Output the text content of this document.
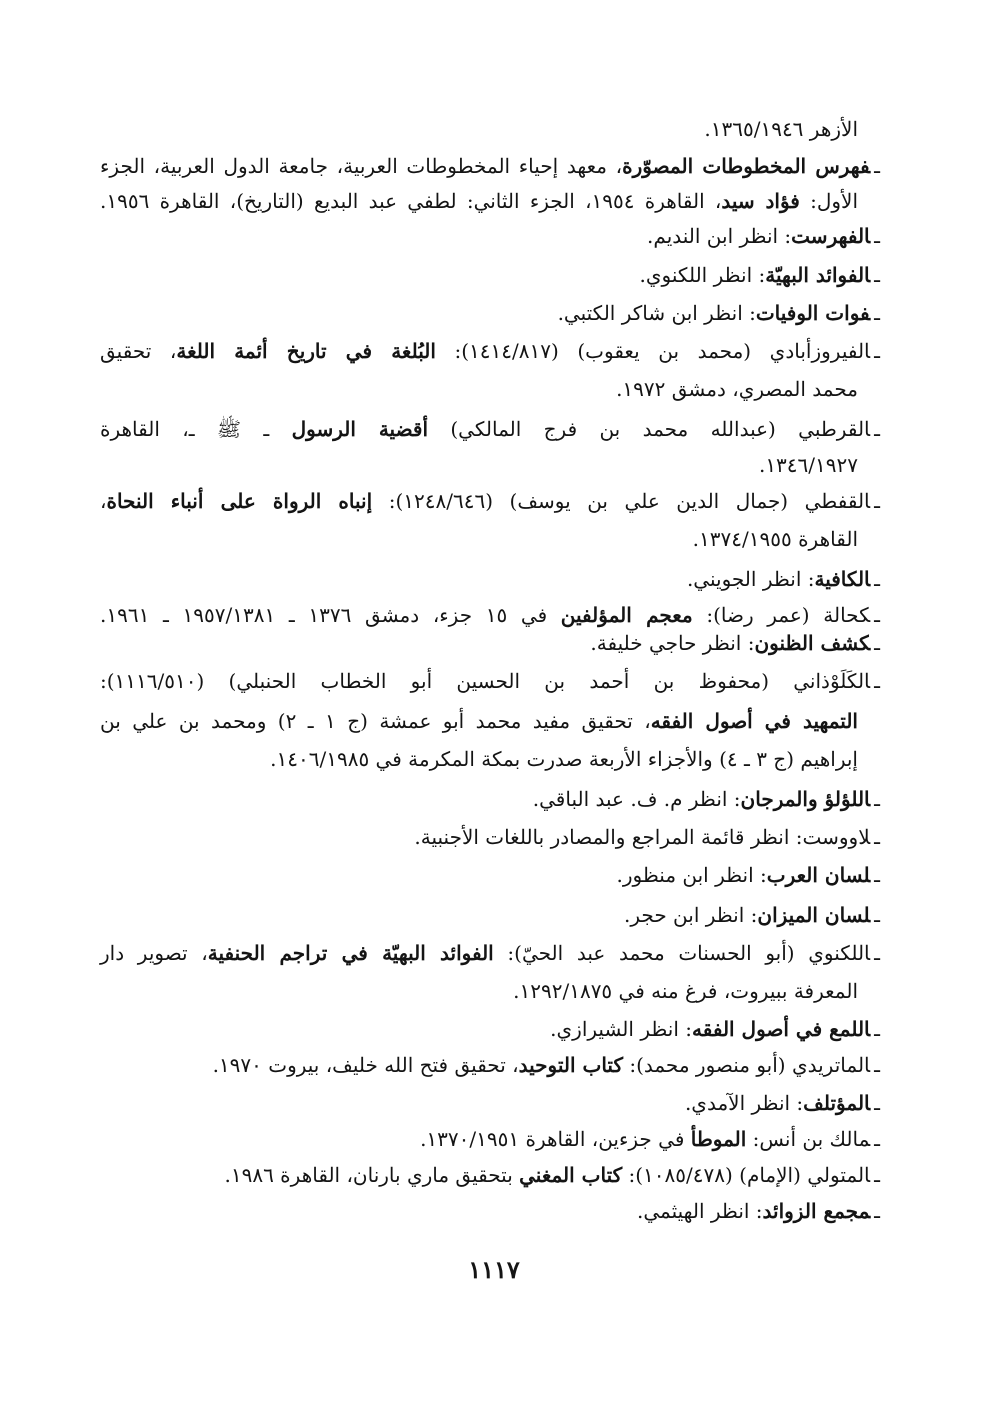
الأزهر ١٣٦٥/١٩٤٦.
ـفهرس المخطوطات المصوّرة، معهد إحياء المخطوطات العربية، جامعة الدول العربية، الجزء
الأول: فؤاد سيد، القاهرة ١٩٥٤، الجزء الثاني: لطفي عبد البديع (التاريخ)، القاهرة ١٩٥٦.
ـالفهرست: انظر ابن النديم.
ـالفوائد البهيّة: انظر اللكنوي.
ـفوات الوفيات: انظر ابن شاكر الكتبي.
ـالفيروزأبادي (محمد بن يعقوب) (١٤١٤/٨١٧): البُلغة في تاريخ أئمة اللغة، تحقيق
محمد المصري، دمشق ١٩٧٢.
ـالقرطبي (عبدالله محمد بن فرج المالكي) أقضية الرسول ـ ﷺ ـ، القاهرة
١٣٤٦/١٩٢٧.
ـالقفطي (جمال الدين علي بن يوسف) (١٢٤٨/٦٤٦): إنباه الرواة على أنباء النحاة،
القاهرة ١٣٧٤/١٩٥٥.
ـالكافية: انظر الجويني.
ـكحالة (عمر رضا): معجم المؤلفين في ١٥ جزء، دمشق ١٣٧٦ ـ ١٩٥٧/١٣٨١ ـ ١٩٦١.
ـكشف الظنون: انظر حاجي خليفة.
ـالكَلَوْذاني (محفوظ بن أحمد بن الحسين أبو الخطاب الحنبلي) (١١١٦/٥١٠):
التمهيد في أصول الفقه، تحقيق مفيد محمد أبو عمشة (ج ١ ـ ٢) ومحمد بن علي بن
إبراهيم (ج ٣ ـ ٤) والأجزاء الأربعة صدرت بمكة المكرمة في ١٤٠٦/١٩٨٥.
ـاللؤلؤ والمرجان: انظر م. ف. عبد الباقي.
ـلاووست: انظر قائمة المراجع والمصادر باللغات الأجنبية.
ـلسان العرب: انظر ابن منظور.
ـلسان الميزان: انظر ابن حجر.
ـاللكنوي (أبو الحسنات محمد عبد الحيّ): الفوائد البهيّة في تراجم الحنفية، تصوير دار
المعرفة ببيروت، فرغ منه في ١٢٩٢/١٨٧٥.
ـاللمع في أصول الفقه: انظر الشيرازي.
ـالماتريدي (أبو منصور محمد): كتاب التوحيد، تحقيق فتح الله خليف، بيروت ١٩٧٠.
ـالمؤتلف: انظر الآمدي.
ـمالك بن أنس: الموطأ في جزءين، القاهرة ١٣٧٠/١٩٥١.
ـالمتولي (الإمام) (١٠٨٥/٤٧٨): كتاب المغني بتحقيق ماري بارنان، القاهرة ١٩٨٦.
ـمجمع الزوائد: انظر الهيثمي.
١١١٧
